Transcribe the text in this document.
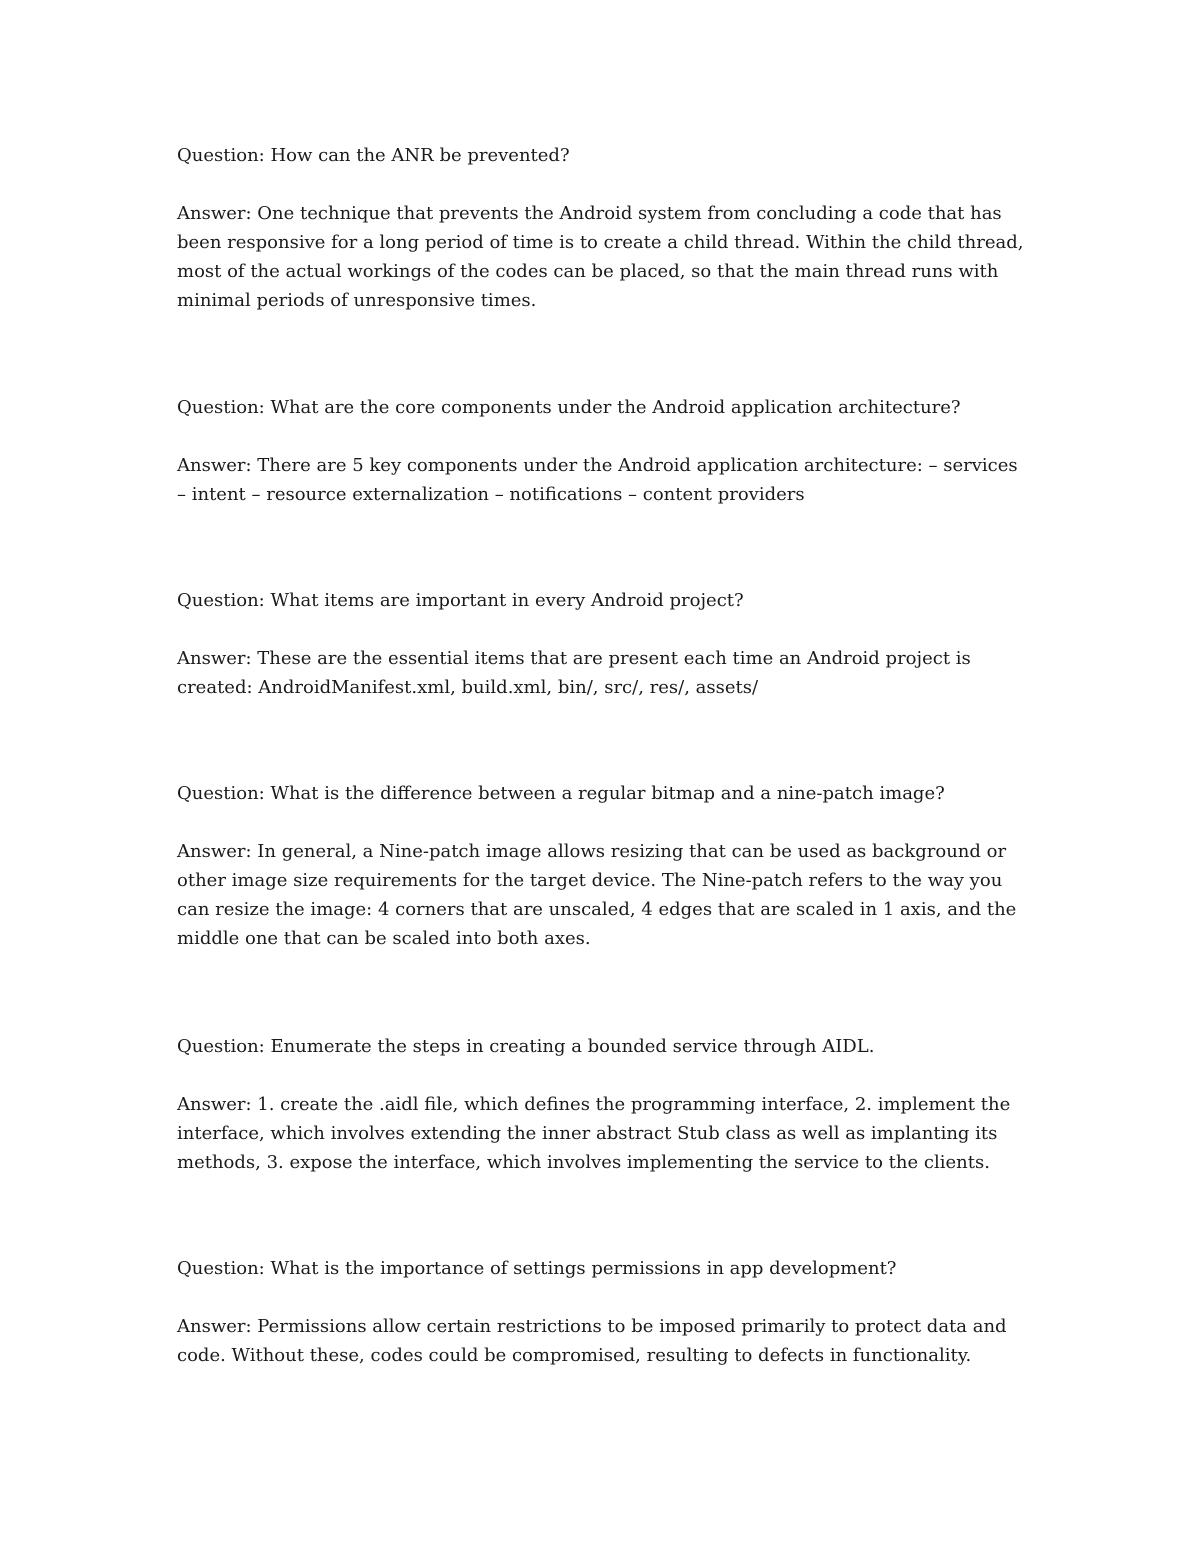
Question: How can the ANR be prevented?

Answer: One technique that prevents the Android system from concluding a code that has been responsive for a long period of time is to create a child thread. Within the child thread, most of the actual workings of the codes can be placed, so that the main thread runs with minimal periods of unresponsive times.

Question: What are the core components under the Android application architecture?

Answer: There are 5 key components under the Android application architecture: – services – intent – resource externalization – notifications – content providers

Question: What items are important in every Android project?

Answer: These are the essential items that are present each time an Android project is created: AndroidManifest.xml, build.xml, bin/, src/, res/, assets/

Question: What is the difference between a regular bitmap and a nine-patch image?

Answer: In general, a Nine-patch image allows resizing that can be used as background or other image size requirements for the target device. The Nine-patch refers to the way you can resize the image: 4 corners that are unscaled, 4 edges that are scaled in 1 axis, and the middle one that can be scaled into both axes.

Question: Enumerate the steps in creating a bounded service through AIDL.

Answer: 1. create the .aidl file, which defines the programming interface, 2. implement the interface, which involves extending the inner abstract Stub class as well as implanting its methods, 3. expose the interface, which involves implementing the service to the clients.

Question: What is the importance of settings permissions in app development?

Answer: Permissions allow certain restrictions to be imposed primarily to protect data and code. Without these, codes could be compromised, resulting to defects in functionality.
